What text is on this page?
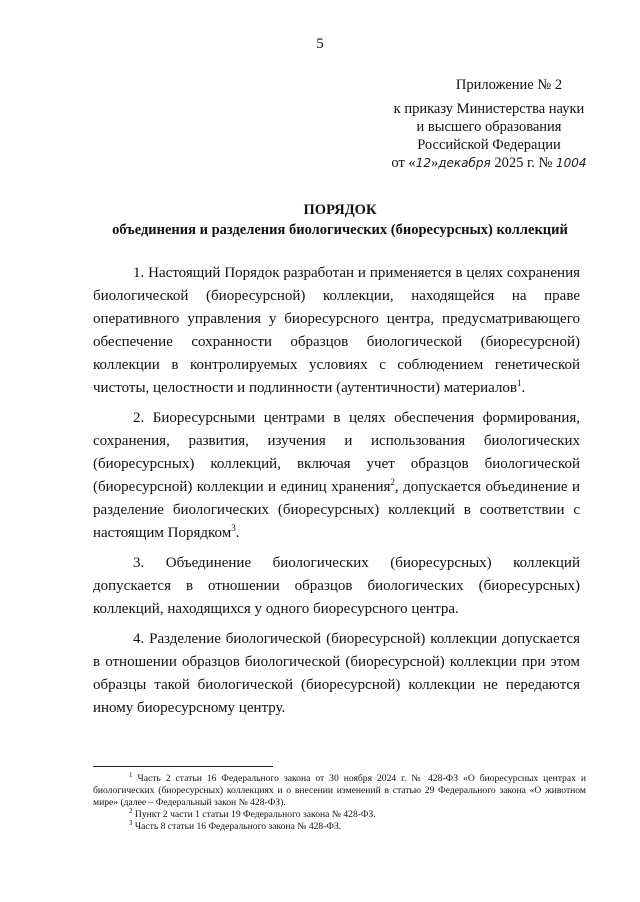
5
Приложение № 2
к приказу Министерства науки
и высшего образования
Российской Федерации
от «12»декабря 2025 г. № 1004
ПОРЯДОК
объединения и разделения биологических (биоресурсных) коллекций

1. Настоящий Порядок разработан и применяется в целях сохранения биологической (биоресурсной) коллекции, находящейся на праве оперативного управления у биоресурсного центра, предусматривающего обеспечение сохранности образцов биологической (биоресурсной) коллекции в контролируемых условиях с соблюдением генетической чистоты, целостности и подлинности (аутентичности) материалов$^1$.

2. Биоресурсными центрами в целях обеспечения формирования, сохранения, развития, изучения и использования биологических (биоресурсных) коллекций, включая учет образцов биологической (биоресурсной) коллекции и единиц хранения$^2$, допускается объединение и разделение биологических (биоресурсных) коллекций в соответствии с настоящим Порядком$^3$.

3. Объединение биологических (биоресурсных) коллекций допускается в отношении образцов биологических (биоресурсных) коллекций, находящихся у одного биоресурсного центра.

4. Разделение биологической (биоресурсной) коллекции допускается в отношении образцов биологической (биоресурсной) коллекции при этом образцы такой биологической (биоресурсной) коллекции не передаются иному биоресурсному центру.

$^1$ Часть 2 статьи 16 Федерального закона от 30 ноября 2024 г. № 428-ФЗ «О биоресурсных центрах и биологических (биоресурсных) коллекциях и о внесении изменений в статью 29 Федерального закона «О животном мире» (далее – Федеральный закон № 428-ФЗ).

$^2$ Пункт 2 части 1 статьи 19 Федерального закона № 428-ФЗ.

$^3$ Часть 8 статьи 16 Федерального закона № 428-ФЗ.
